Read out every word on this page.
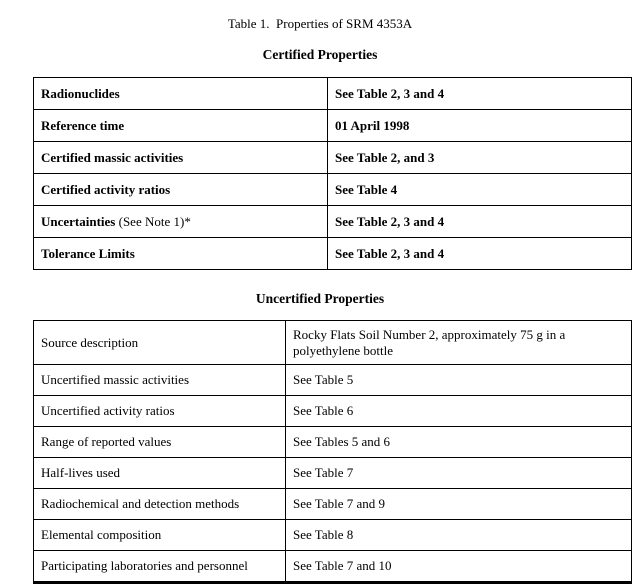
Table 1.  Properties of SRM 4353A
Certified Properties
Radionuclides	See Table 2, 3 and 4
Reference time	01 April 1998
Certified massic activities	See Table 2, and 3
Certified activity ratios	See Table 4
Uncertainties (See Note 1)*	See Table 2, 3 and 4
Tolerance Limits	See Table 2, 3 and 4
Uncertified Properties
Source description	Rocky Flats Soil Number 2, approximately 75 g in a polyethylene bottle
Uncertified massic activities	See Table 5
Uncertified activity ratios	See Table 6
Range of reported values	See Tables 5 and 6
Half-lives used	See Table 7
Radiochemical and detection methods	See Table 7 and 9
Elemental composition	See Table 8
Participating laboratories and personnel	See Table 7 and 10
